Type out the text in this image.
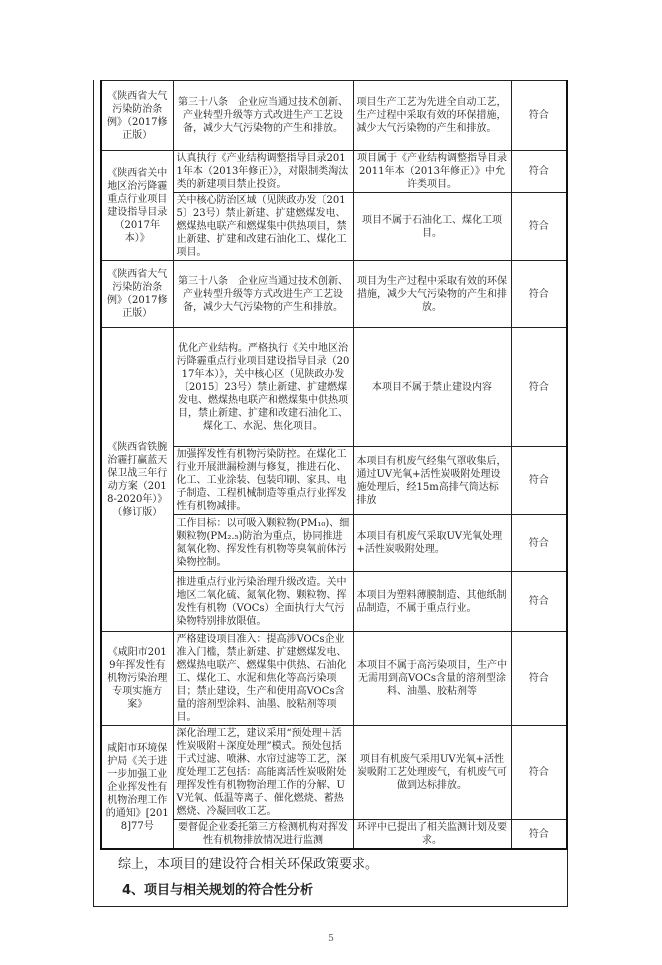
《陕西省大气污染防治条例》（2017修正版）	第三十八条　企业应当通过技术创新、产业转型升级等方式改进生产工艺设备，减少大气污染物的产生和排放。	项目生产工艺为先进全自动工艺，生产过程中采取有效的环保措施，减少大气污染物的产生和排放。	符合
《陕西省关中地区治污降霾重点行业项目建设指导目录（2017年本）》	认真执行《产业结构调整指导目录2011年本（2013年修正）》，对限制类淘汰类的新建项目禁止投资。	项目属于《产业结构调整指导目录2011年本（2013年修正）》中允许类项目。	符合
	关中核心防治区域（见陕政办发〔2015〕23号）禁止新建、扩建燃煤发电、燃煤热电联产和燃煤集中供热项目，禁止新建、扩建和改建石油化工、煤化工项目。	项目不属于石油化工、煤化工项目。	符合
《陕西省大气污染防治条例》（2017修正版）	第三十八条　企业应当通过技术创新、产业转型升级等方式改进生产工艺设备，减少大气污染物的产生和排放。	项目为生产过程中采取有效的环保措施，减少大气污染物的产生和排放。	符合
《陕西省铁腕治霾打赢蓝天保卫战三年行动方案（2018-2020年）》（修订版）	优化产业结构。严格执行《关中地区治污降霾重点行业项目建设指导目录（2017年本）》，关中核心区（见陕政办发〔2015〕23号）禁止新建、扩建燃煤发电、燃煤热电联产和燃煤集中供热项目，禁止新建、扩建和改建石油化工、煤化工、水泥、焦化项目。	本项目不属于禁止建设内容	符合
	加强挥发性有机物污染防控。在煤化工行业开展泄漏检测与修复，推进石化、化工、工业涂装、包装印刷、家具、电子制造、工程机械制造等重点行业挥发性有机物减排。	本项目有机废气经集气罩收集后，通过UV光氧+活性炭吸附处理设施处理后，经15m高排气筒达标排放	符合
	工作目标：以可吸入颗粒物(PM₁₀)、细颗粒物(PM₂.₅)防治为重点，协同推进氮氧化物、挥发性有机物等臭氧前体污染物控制。	本项目有机废气采取UV光氧处理+活性炭吸附处理。	符合
	推进重点行业污染治理升级改造。关中地区二氧化硫、氮氧化物、颗粒物、挥发性有机物（VOCs）全面执行大气污染物特别排放限值。	本项目为塑料薄膜制造、其他纸制品制造，不属于重点行业。	符合
《咸阳市2019年挥发性有机物污染治理专项实施方案》	严格建设项目准入：提高涉VOCs企业准入门槛，禁止新建、扩建燃煤发电、燃煤热电联产、燃煤集中供热、石油化工、煤化工、水泥和焦化等高污染项目；禁止建设，生产和使用高VOCs含量的溶剂型涂料、油墨、胶粘剂等项目。	本项目不属于高污染项目，生产中无需用到高VOCs含量的溶剂型涂料、油墨、胶粘剂等	符合
咸阳市环境保护局《关于进一步加强工业企业挥发性有机物治理工作的通知》[2018]77号	深化治理工艺，建议采用“预处理＋活性炭吸附＋深度处理”模式。预处包括干式过滤、喷淋、水帘过滤等工艺，深度处理工艺包括：高能离活性炭吸附处理挥发性有机物物治理工作的分解、UV光氧、低温等离子、催化燃烧、蓄热燃烧、冷凝回收工艺。	项目有机废气采用UV光氧+活性炭吸附工艺处理废气，有机废气可做到达标排放。	符合
	要督促企业委托第三方检测机构对挥发性有机物排放情况进行监测	环评中已提出了相关监测计划及要求。	符合
综上，本项目的建设符合相关环保政策要求。
4、项目与相关规划的符合性分析
5
